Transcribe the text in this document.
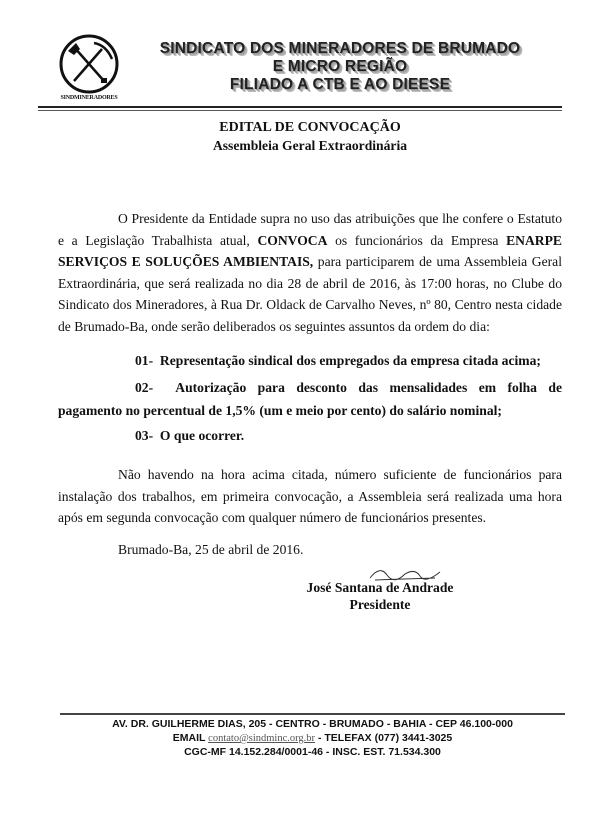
SINDMINERADORES
SINDICATO DOS MINERADORES DE BRUMADO
E MICRO REGIÃO
FILIADO A CTB E AO DIEESE
EDITAL DE CONVOCAÇÃO
Assembleia Geral Extraordinária

O Presidente da Entidade supra no uso das atribuições que lhe confere o Estatuto e a Legislação Trabalhista atual, CONVOCA os funcionários da Empresa ENARPE SERVIÇOS E SOLUÇÕES AMBIENTAIS, para participarem de uma Assembleia Geral Extraordinária, que será realizada no dia 28 de abril de 2016, às 17:00 horas, no Clube do Sindicato dos Mineradores, à Rua Dr. Oldack de Carvalho Neves, nº 80, Centro nesta cidade de Brumado-Ba, onde serão deliberados os seguintes assuntos da ordem do dia:

01- Representação sindical dos empregados da empresa citada acima;
02- Autorização para desconto das mensalidades em folha de
pagamento no percentual de 1,5% (um e meio por cento) do salário nominal;
03- O que ocorrer.
Não havendo na hora acima citada, número suficiente de funcionários para instalação dos trabalhos, em primeira convocação, a Assembleia será realizada uma hora após em segunda convocação com qualquer número de funcionários presentes.
Brumado-Ba, 25 de abril de 2016.
José Santana de Andrade
Presidente
AV. DR. GUILHERME DIAS, 205 - CENTRO - BRUMADO - BAHIA - CEP 46.100-000
EMAIL contato@sindminc.org.br - TELEFAX (077) 3441-3025
CGC-MF 14.152.284/0001-46 - INSC. EST. 71.534.300
